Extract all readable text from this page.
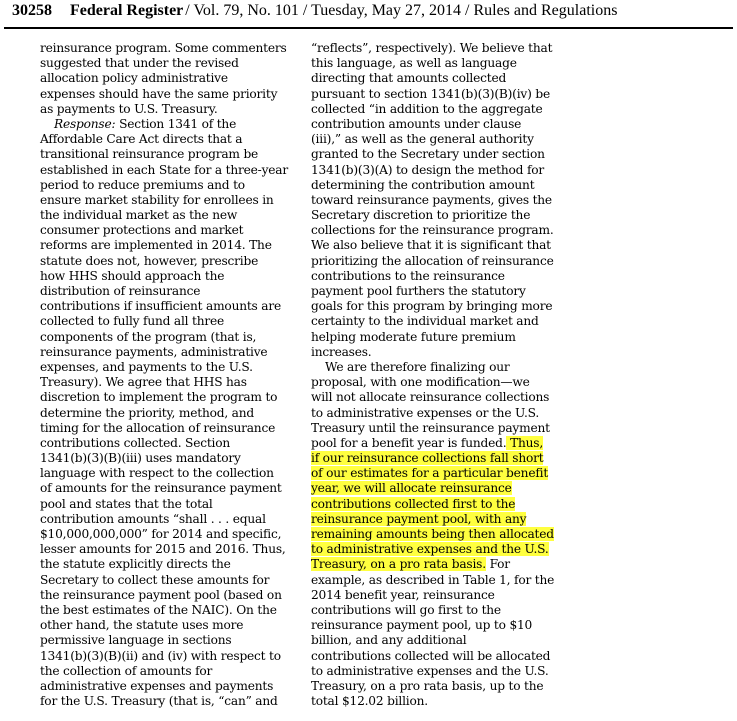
30258 Federal Register / Vol. 79, No. 101 / Tuesday, May 27, 2014 / Rules and Regulations
reinsurance program. Some commenters
suggested that under the revised
allocation policy administrative
expenses should have the same priority
as payments to U.S. Treasury.
Response: Section 1341 of the
Affordable Care Act directs that a
transitional reinsurance program be
established in each State for a three-year
period to reduce premiums and to
ensure market stability for enrollees in
the individual market as the new
consumer protections and market
reforms are implemented in 2014. The
statute does not, however, prescribe
how HHS should approach the
distribution of reinsurance
contributions if insufficient amounts are
collected to fully fund all three
components of the program (that is,
reinsurance payments, administrative
expenses, and payments to the U.S.
Treasury). We agree that HHS has
discretion to implement the program to
determine the priority, method, and
timing for the allocation of reinsurance
contributions collected. Section
1341(b)(3)(B)(iii) uses mandatory
language with respect to the collection
of amounts for the reinsurance payment
pool and states that the total
contribution amounts “shall . . . equal
$10,000,000,000” for 2014 and specific,
lesser amounts for 2015 and 2016. Thus,
the statute explicitly directs the
Secretary to collect these amounts for
the reinsurance payment pool (based on
the best estimates of the NAIC). On the
other hand, the statute uses more
permissive language in sections
1341(b)(3)(B)(ii) and (iv) with respect to
the collection of amounts for
administrative expenses and payments
for the U.S. Treasury (that is, “can” and
“reflects”, respectively). We believe that
this language, as well as language
directing that amounts collected
pursuant to section 1341(b)(3)(B)(iv) be
collected “in addition to the aggregate
contribution amounts under clause
(iii),” as well as the general authority
granted to the Secretary under section
1341(b)(3)(A) to design the method for
determining the contribution amount
toward reinsurance payments, gives the
Secretary discretion to prioritize the
collections for the reinsurance program.
We also believe that it is significant that
prioritizing the allocation of reinsurance
contributions to the reinsurance
payment pool furthers the statutory
goals for this program by bringing more
certainty to the individual market and
helping moderate future premium
increases.
We are therefore finalizing our
proposal, with one modification—we
will not allocate reinsurance collections
to administrative expenses or the U.S.
Treasury until the reinsurance payment
pool for a benefit year is funded. Thus,
if our reinsurance collections fall short
of our estimates for a particular benefit
year, we will allocate reinsurance
contributions collected first to the
reinsurance payment pool, with any
remaining amounts being then allocated
to administrative expenses and the U.S.
Treasury, on a pro rata basis. For
example, as described in Table 1, for the
2014 benefit year, reinsurance
contributions will go first to the
reinsurance payment pool, up to $10
billion, and any additional
contributions collected will be allocated
to administrative expenses and the U.S.
Treasury, on a pro rata basis, up to the
total $12.02 billion.
